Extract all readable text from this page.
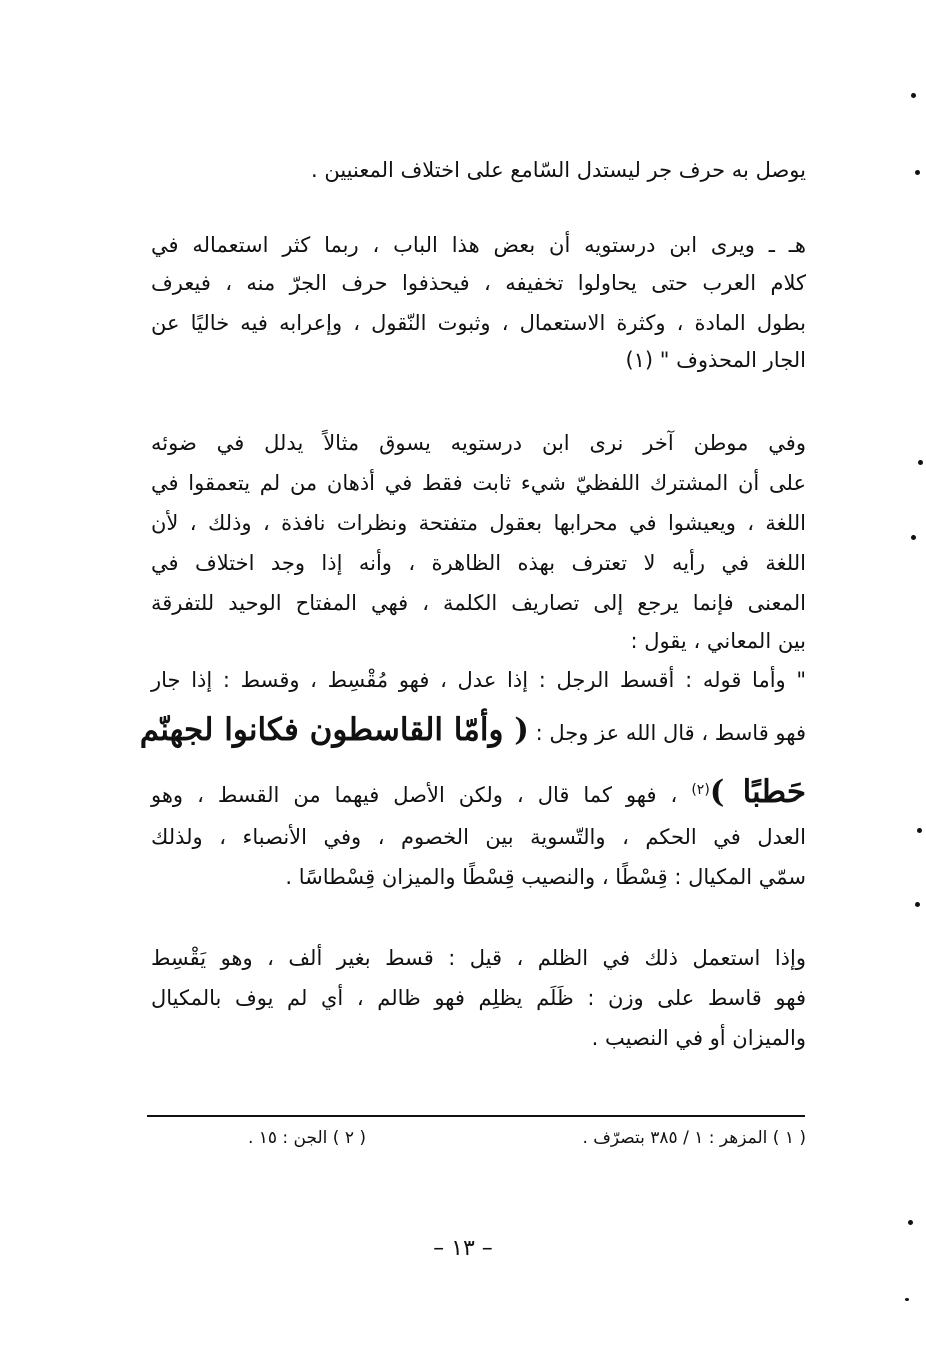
يوصل به حرف جر ليستدل السّامع على اختلاف المعنيين .
هـ ـ ويرى ابن درستويه أن بعض هذا الباب ، ربما كثر استعماله في
كلام العرب حتى يحاولوا تخفيفه ، فيحذفوا حرف الجرّ منه ، فيعرف
بطول المادة ، وكثرة الاستعمال ، وثبوت النّقول ، وإعرابه فيه خاليًا عن
الجار المحذوف " (١)
وفي موطن آخر نرى ابن درستويه يسوق مثالاً يدلل في ضوئه
على أن المشترك اللفظيّ شيء ثابت فقط في أذهان من لم يتعمقوا في
اللغة ، ويعيشوا في محرابها بعقول متفتحة ونظرات نافذة ، وذلك ، لأن
اللغة في رأيه لا تعترف بهذه الظاهرة ، وأنه إذا وجد اختلاف في
المعنى فإنما يرجع إلى تصاريف الكلمة ، فهي المفتاح الوحيد للتفرقة
بين المعاني ، يقول :
" وأما قوله : أقسط الرجل : إذا عدل ، فهو مُقْسِط ، وقسط : إذا جار
فهو قاسط ، قال الله عز وجل : ( وأمّا القاسطون فكانوا لجهنّم
حَطبًا )$^{(٢)}$ ، فهو كما قال ، ولكن الأصل فيهما من القسط ، وهو
العدل في الحكم ، والتّسوية بين الخصوم ، وفي الأنصباء ، ولذلك
سمّي المكيال : قِسْطًا ، والنصيب قِسْطًا والميزان قِسْطاسًا .
وإذا استعمل ذلك في الظلم ، قيل : قسط بغير ألف ، وهو يَقْسِط
فهو قاسط على وزن : ظَلَم يظلِم فهو ظالم ، أي لم يوف بالمكيال
والميزان أو في النصيب .
( ١ ) المزهر : ١ / ٣٨٥ بتصرّف .
( ٢ ) الجن : ١٥ .
– ١٣ –
